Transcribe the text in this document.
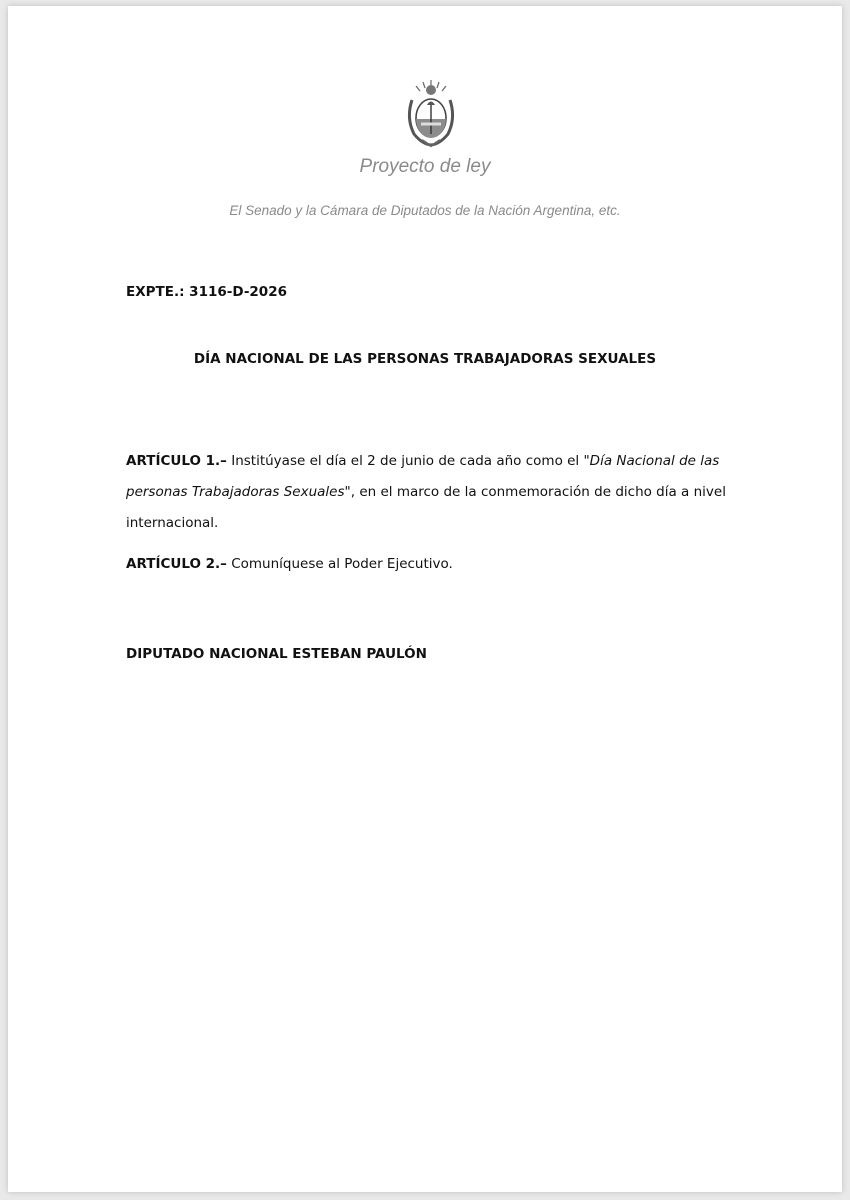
Proyecto de ley
El Senado y la Cámara de Diputados de la Nación Argentina, etc.
EXPTE.: 3116-D-2026
DÍA NACIONAL DE LAS PERSONAS TRABAJADORAS SEXUALES
ARTÍCULO 1.– Institúyase el día el 2 de junio de cada año como el "Día Nacional de las personas Trabajadoras Sexuales", en el marco de la conmemoración de dicho día a nivel internacional.
ARTÍCULO 2.– Comuníquese al Poder Ejecutivo.
DIPUTADO NACIONAL ESTEBAN PAULÓN
